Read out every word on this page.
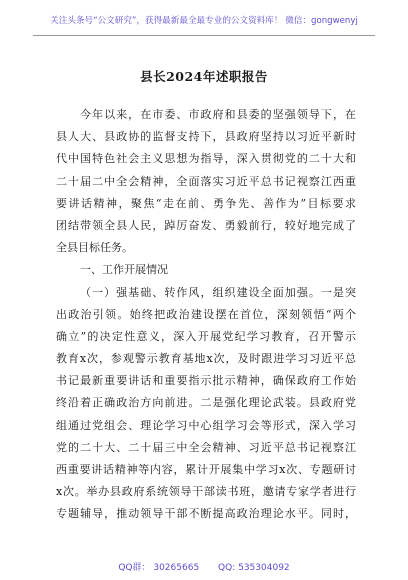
关注头条号“公文研究”，获得最新最全最专业的公文资料库！ 微信：gongwenyj
县长2024年述职报告
今年以来，在市委、市政府和县委的坚强领导下，在
县人大、县政协的监督支持下，县政府坚持以习近平新时
代中国特色社会主义思想为指导，深入贯彻党的二十大和
二十届二中全会精神，全面落实习近平总书记视察江西重
要讲话精神，聚焦“走在前、勇争先、善作为”目标要求
团结带领全县人民，踔厉奋发、勇毅前行，较好地完成了
全县目标任务。
一、工作开展情况
（一）强基础、转作风，组织建设全面加强。一是突
出政治引领。始终把政治建设摆在首位，深刻领悟“两个
确立”的决定性意义，深入开展党纪学习教育，召开警示
教育x次，参观警示教育基地x次，及时跟进学习习近平总
书记最新重要讲话和重要指示批示精神，确保政府工作始
终沿着正确政治方向前进。二是强化理论武装。县政府党
组通过党组会、理论学习中心组学习会等形式，深入学习
党的二十大、二十届三中全会精神、习近平总书记视察江
西重要讲话精神等内容，累计开展集中学习x次、专题研讨
x次。举办县政府系统领导干部读书班，邀请专家学者进行
专题辅导，推动领导干部不断提高政治理论水平。同时，
QQ群： 30265665 QQ: 535304092
